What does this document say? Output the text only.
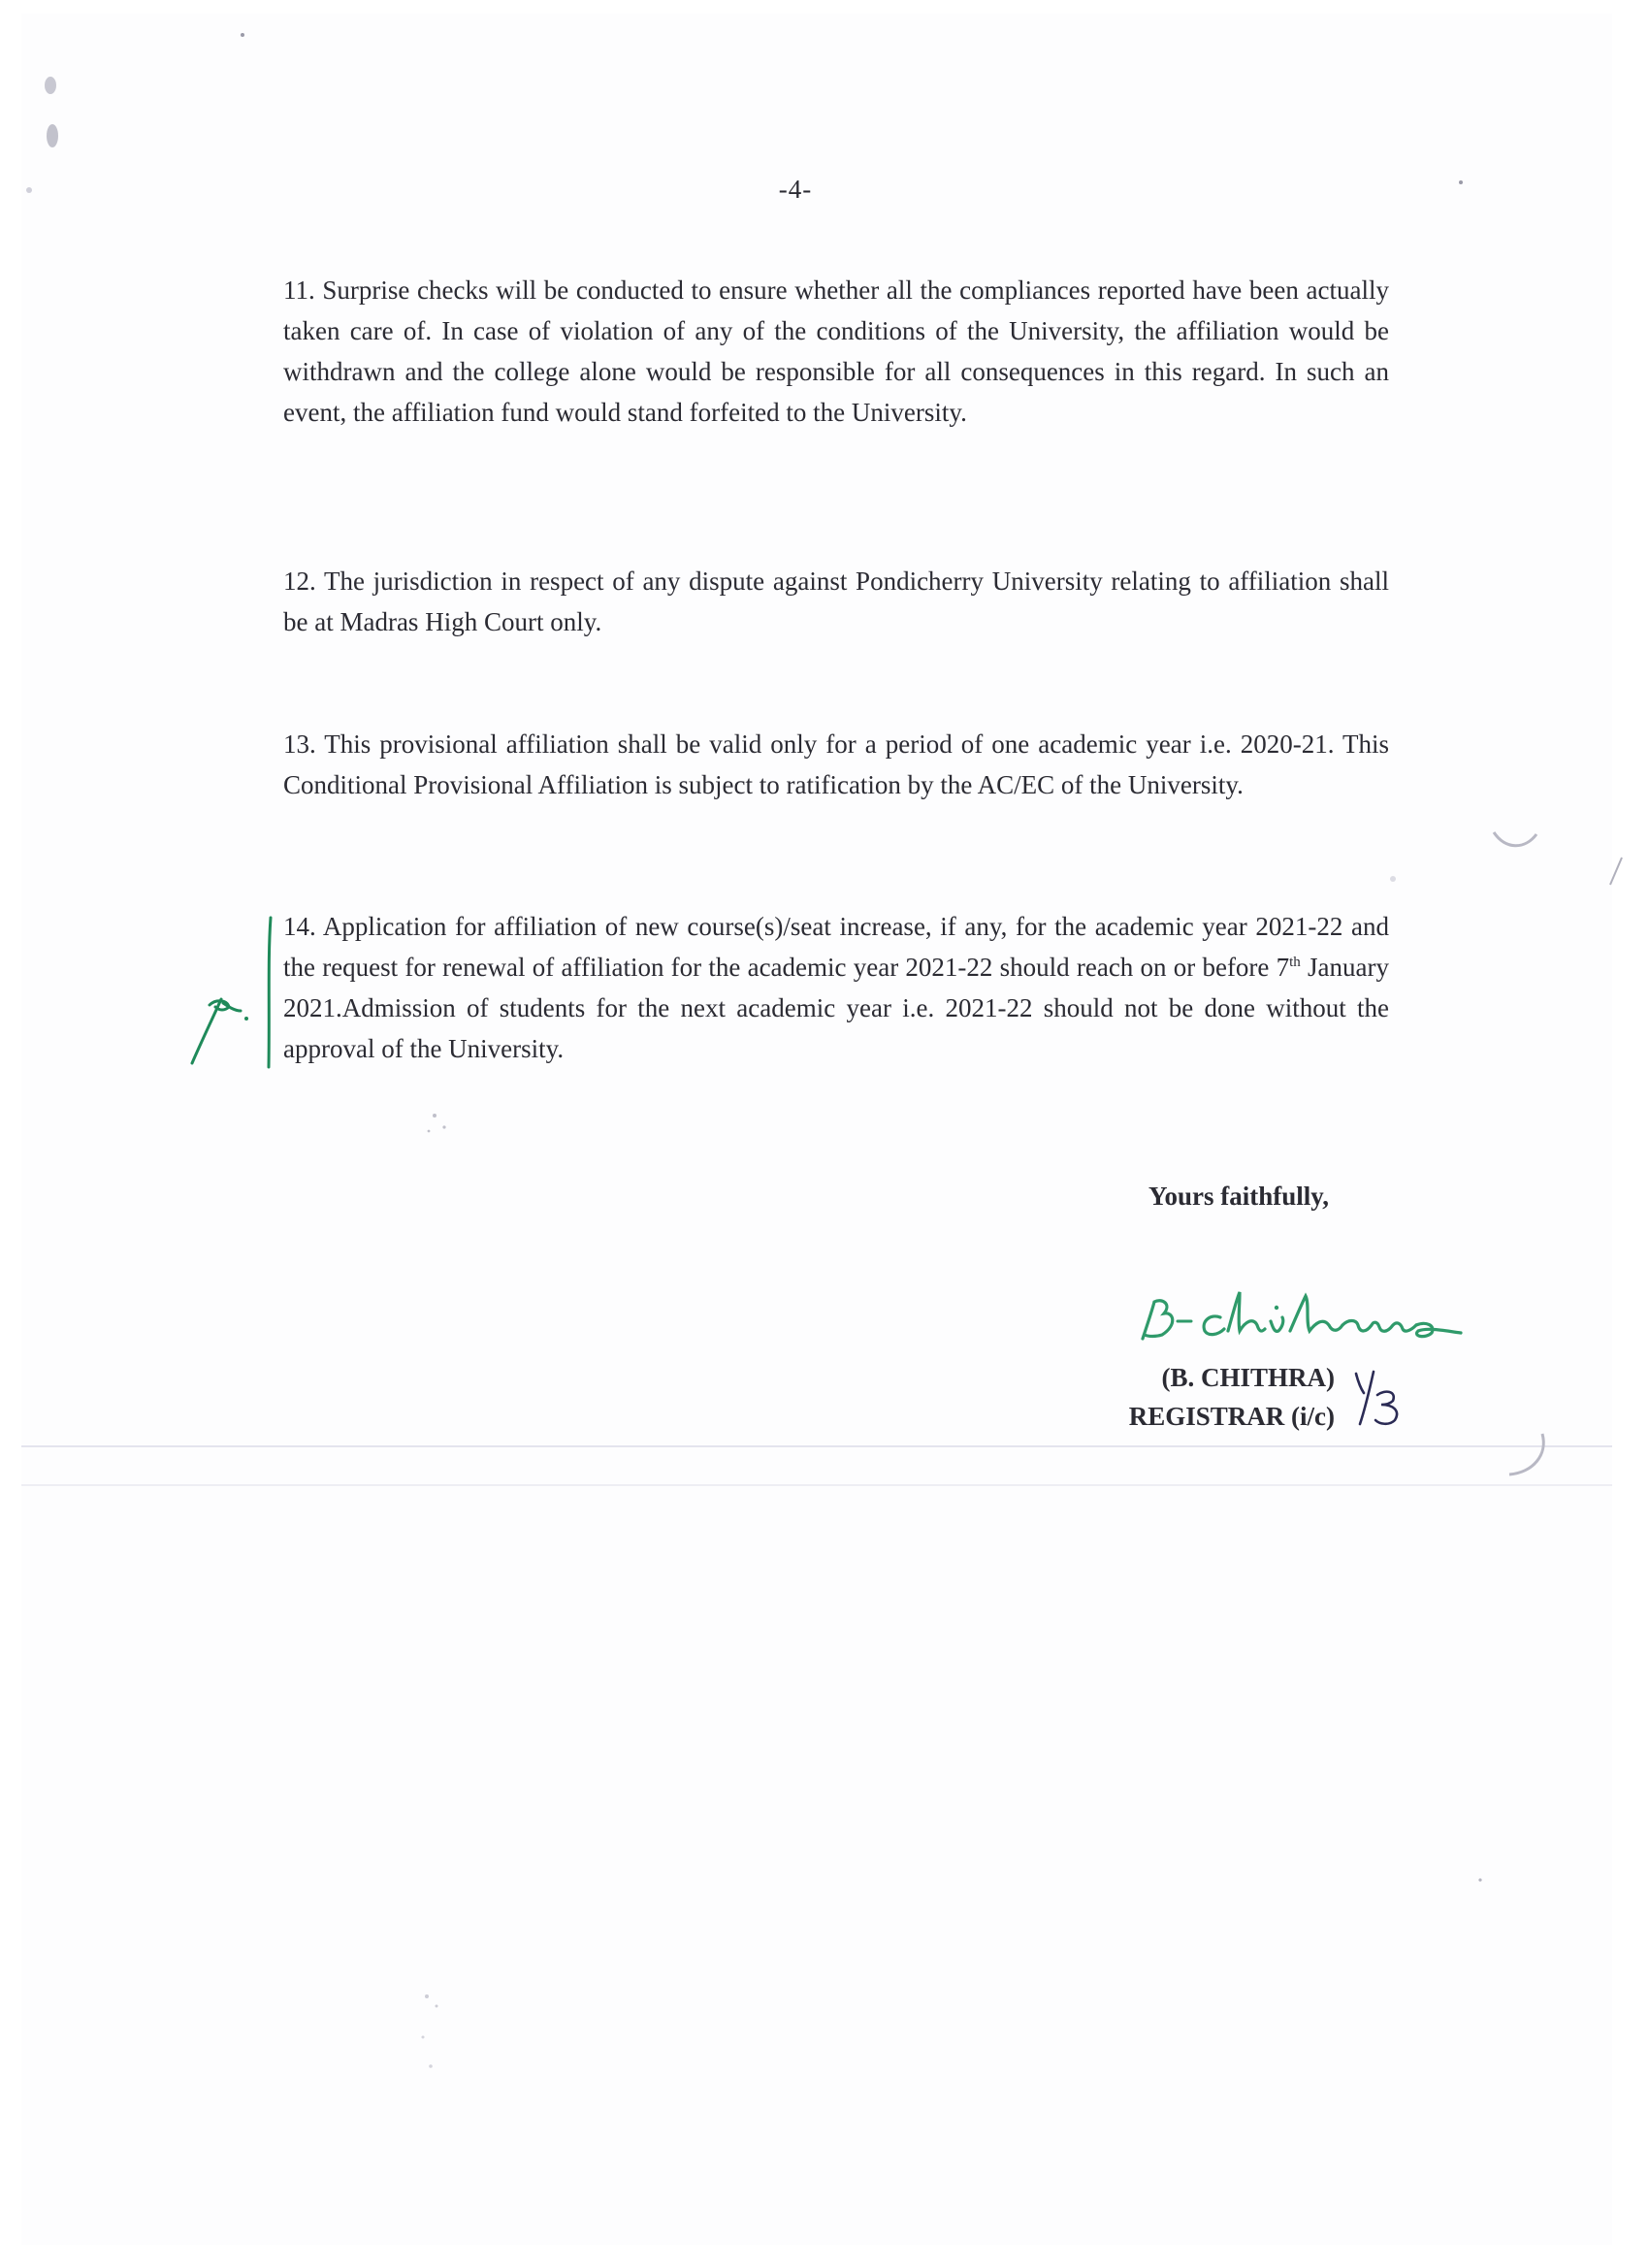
-4-

11. Surprise checks will be conducted to ensure whether all the compliances reported have been actually taken care of. In case of violation of any of the conditions of the University, the affiliation would be withdrawn and the college alone would be responsible for all consequences in this regard. In such an event, the affiliation fund would stand forfeited to the University.

12. The jurisdiction in respect of any dispute against Pondicherry University relating to affiliation shall be at Madras High Court only.

13. This provisional affiliation shall be valid only for a period of one academic year i.e. 2020-21. This Conditional Provisional Affiliation is subject to ratification by the AC/EC of the University.

14. Application for affiliation of new course(s)/seat increase, if any, for the academic year 2021-22 and the request for renewal of affiliation for the academic year 2021-22 should reach on or before 7th January 2021.Admission of students for the next academic year i.e. 2021-22 should not be done without the approval of the University.

Yours faithfully,
(B. CHITHRA)
REGISTRAR (i/c)
